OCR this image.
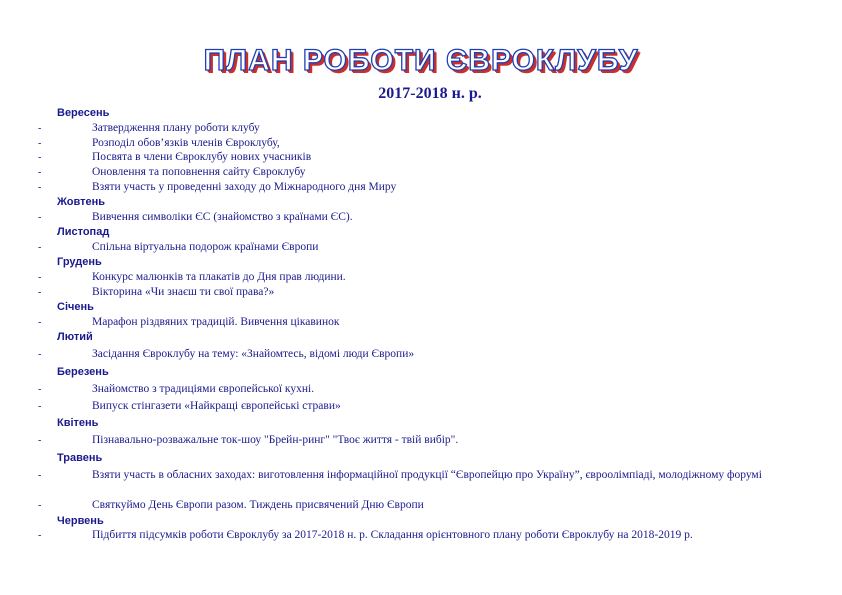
ПЛАН РОБОТИ ЄВРОКЛУБУ
2017-2018 н. р.
Вересень
-	Затвердження плану роботи клубу
-	Розподіл обов’язків членів Євроклубу,
-	Посвята в члени Євроклубу нових учасників
-	Оновлення та поповнення сайту Євроклубу
-	Взяти участь у проведенні заходу до Міжнародного дня Миру
Жовтень
-	Вивчення символіки ЄС (знайомство з країнами ЄС).
Листопад
-	Спільна віртуальна подорож країнами Європи
Грудень
-	Конкурс малюнків та плакатів до Дня прав людини.
-	Вікторина «Чи знаєш ти свої права?»
Січень
-	Марафон різдвяних традицій. Вивчення цікавинок
Лютий
-	Засідання Євроклубу на тему: «Знайомтесь, відомі люди Європи»
Березень
-	Знайомство з традиціями європейської кухні.
-	Випуск стінгазети «Найкращі європейські страви»
Квітень
-	Пізнавально-розважальне ток-шоу "Брейн-ринг" "Твоє життя - твій вибір".
Травень
-	Взяти участь в обласних заходах: виготовлення інформаційної продукції “Європейцю про Україну”, євроолімпіаді, молодіжному форумі
-	Святкуймо День Європи разом. Тиждень присвячений Дню Європи
Червень
-	Підбиття підсумків роботи Євроклубу за 2017-2018 н. р. Складання орієнтовного плану роботи Євроклубу на 2018-2019 р.
